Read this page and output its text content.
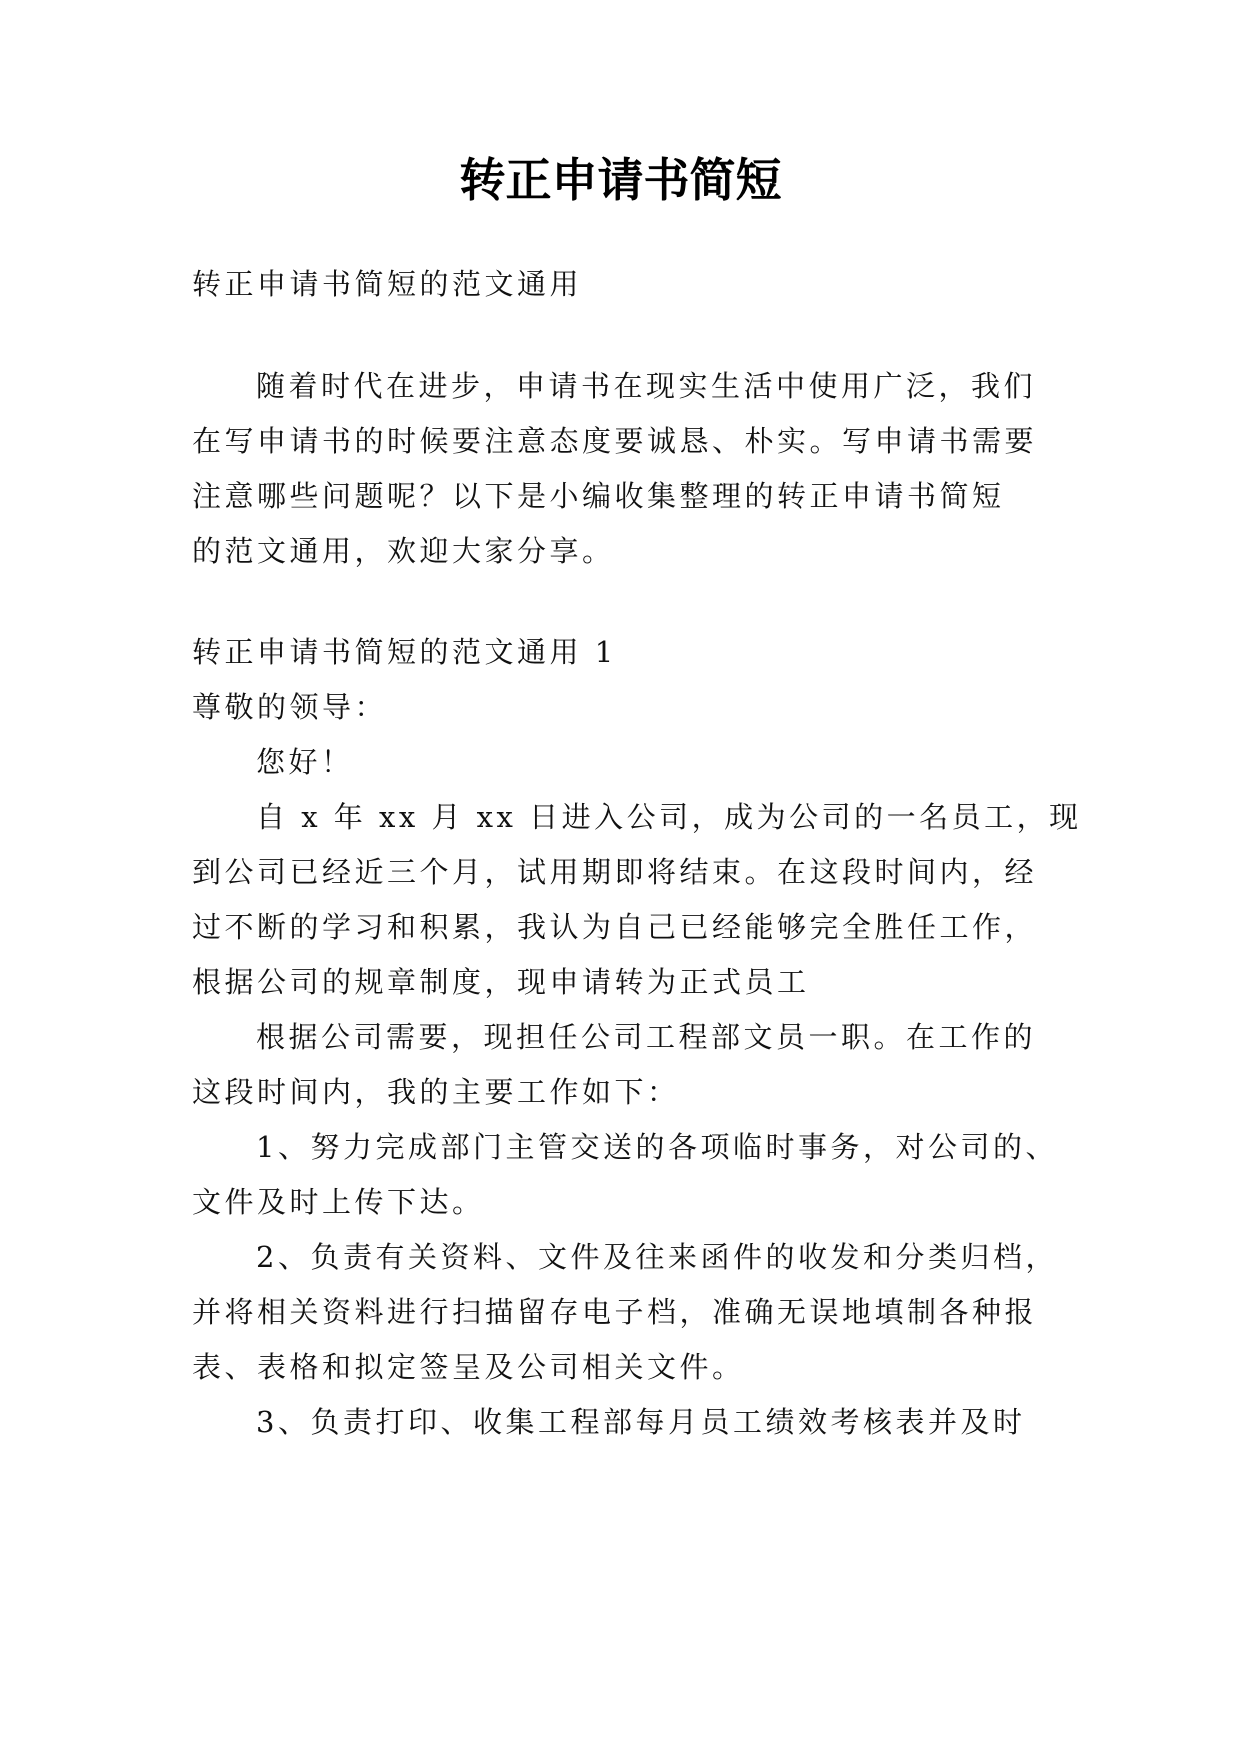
转正申请书简短
转正申请书简短的范文通用
随着时代在进步，申请书在现实生活中使用广泛，我们
在写申请书的时候要注意态度要诚恳、朴实。写申请书需要
注意哪些问题呢？以下是小编收集整理的转正申请书简短
的范文通用，欢迎大家分享。
转正申请书简短的范文通用 1
尊敬的领导：
您好！
自 x 年 xx 月 xx 日进入公司，成为公司的一名员工，现
到公司已经近三个月，试用期即将结束。在这段时间内，经
过不断的学习和积累，我认为自己已经能够完全胜任工作，
根据公司的规章制度，现申请转为正式员工
根据公司需要，现担任公司工程部文员一职。在工作的
这段时间内，我的主要工作如下：
1、努力完成部门主管交送的各项临时事务，对公司的、
文件及时上传下达。
2、负责有关资料、文件及往来函件的收发和分类归档，
并将相关资料进行扫描留存电子档，准确无误地填制各种报
表、表格和拟定签呈及公司相关文件。
3、负责打印、收集工程部每月员工绩效考核表并及时
